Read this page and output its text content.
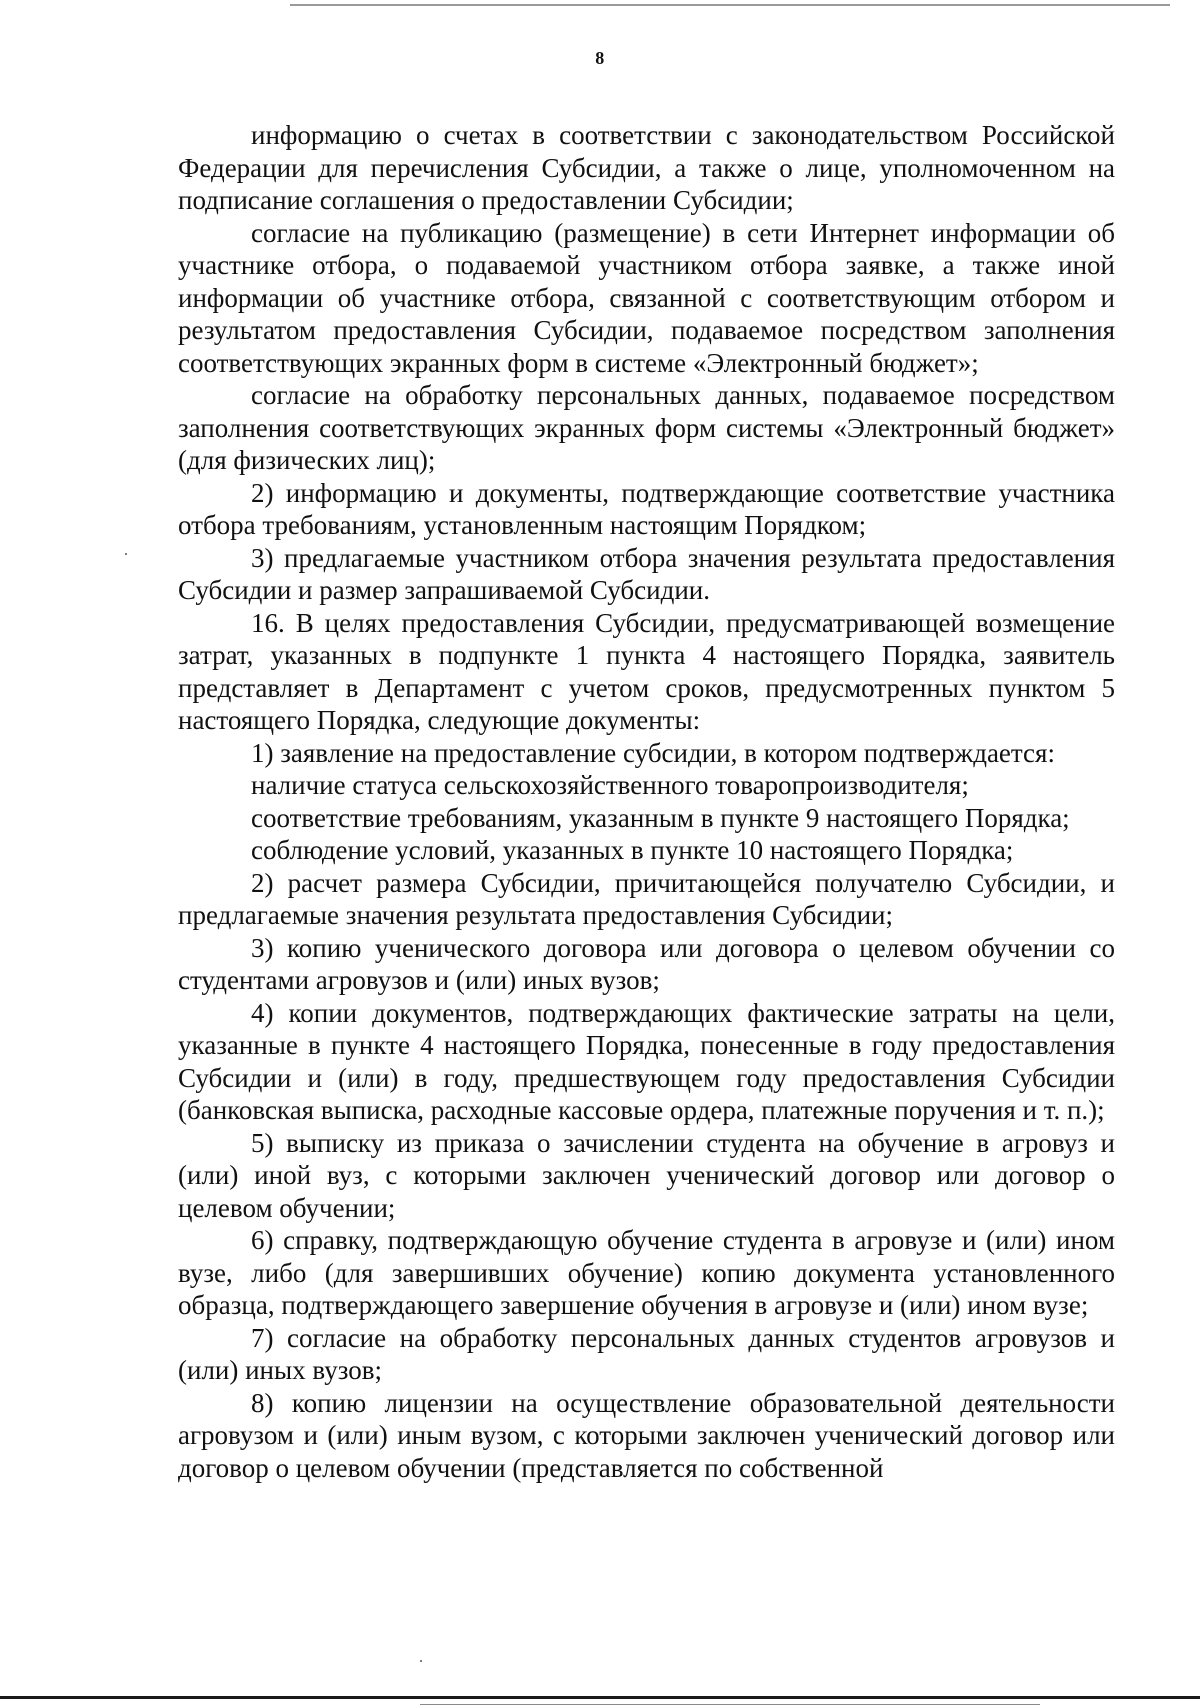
8

информацию о счетах в соответствии с законодательством Российской Федерации для перечисления Субсидии, а также о лице, уполномоченном на подписание соглашения о предоставлении Субсидии;

согласие на публикацию (размещение) в сети Интернет информации об участнике отбора, о подаваемой участником отбора заявке, а также иной информации об участнике отбора, связанной с соответствующим отбором и результатом предоставления Субсидии, подаваемое посредством заполнения соответствующих экранных форм в системе «Электронный бюджет»;

согласие на обработку персональных данных, подаваемое посредством заполнения соответствующих экранных форм системы «Электронный бюджет» (для физических лиц);

2) информацию и документы, подтверждающие соответствие участника отбора требованиям, установленным настоящим Порядком;

3) предлагаемые участником отбора значения результата предоставления Субсидии и размер запрашиваемой Субсидии.

16. В целях предоставления Субсидии, предусматривающей возмещение затрат, указанных в подпункте 1 пункта 4 настоящего Порядка, заявитель представляет в Департамент с учетом сроков, предусмотренных пунктом 5 настоящего Порядка, следующие документы:

1) заявление на предоставление субсидии, в котором подтверждается:

наличие статуса сельскохозяйственного товаропроизводителя;

соответствие требованиям, указанным в пункте 9 настоящего Порядка;

соблюдение условий, указанных в пункте 10 настоящего Порядка;

2) расчет размера Субсидии, причитающейся получателю Субсидии, и предлагаемые значения результата предоставления Субсидии;

3) копию ученического договора или договора о целевом обучении со студентами агровузов и (или) иных вузов;

4) копии документов, подтверждающих фактические затраты на цели, указанные в пункте 4 настоящего Порядка, понесенные в году предоставления Субсидии и (или) в году, предшествующем году предоставления Субсидии (банковская выписка, расходные кассовые ордера, платежные поручения и т. п.);

5) выписку из приказа о зачислении студента на обучение в агровуз и (или) иной вуз, с которыми заключен ученический договор или договор о целевом обучении;

6) справку, подтверждающую обучение студента в агровузе и (или) ином вузе, либо (для завершивших обучение) копию документа установленного образца, подтверждающего завершение обучения в агровузе и (или) ином вузе;

7) согласие на обработку персональных данных студентов агровузов и (или) иных вузов;

8) копию лицензии на осуществление образовательной деятельности агровузом и (или) иным вузом, с которыми заключен ученический договор или договор о целевом обучении (представляется по собственной
